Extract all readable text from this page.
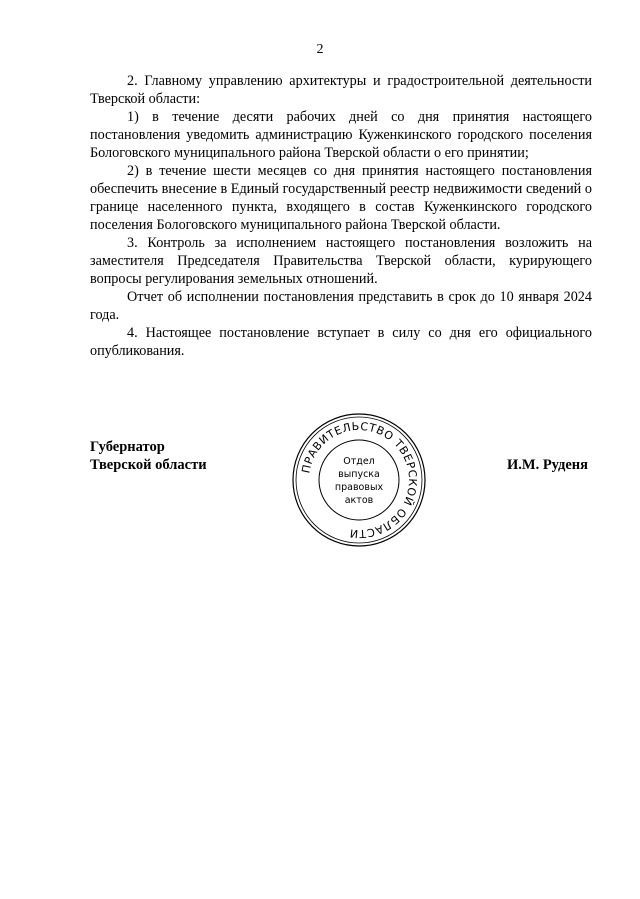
2

2. Главному управлению архитектуры и градостроительной деятельности Тверской области:

1) в течение десяти рабочих дней со дня принятия настоящего постановления уведомить администрацию Куженкинского городского поселения Бологовского муниципального района Тверской области о его принятии;

2) в течение шести месяцев со дня принятия настоящего постановления обеспечить внесение в Единый государственный реестр недвижимости сведений о границе населенного пункта, входящего в состав Куженкинского городского поселения Бологовского муниципального района Тверской области.

3. Контроль за исполнением настоящего постановления возложить на заместителя Председателя Правительства Тверской области, курирующего вопросы регулирования земельных отношений.

Отчет об исполнении постановления представить в срок до 10 января 2024 года.

4. Настоящее постановление вступает в силу со дня его официального опубликования.

Губернатор
Тверской области	ПРАВИТЕЛЬСТВО ТВЕРСКОЙ ОБЛАСТИ
Отдел
выпуска
правовых
актов
И.М. Руденя
